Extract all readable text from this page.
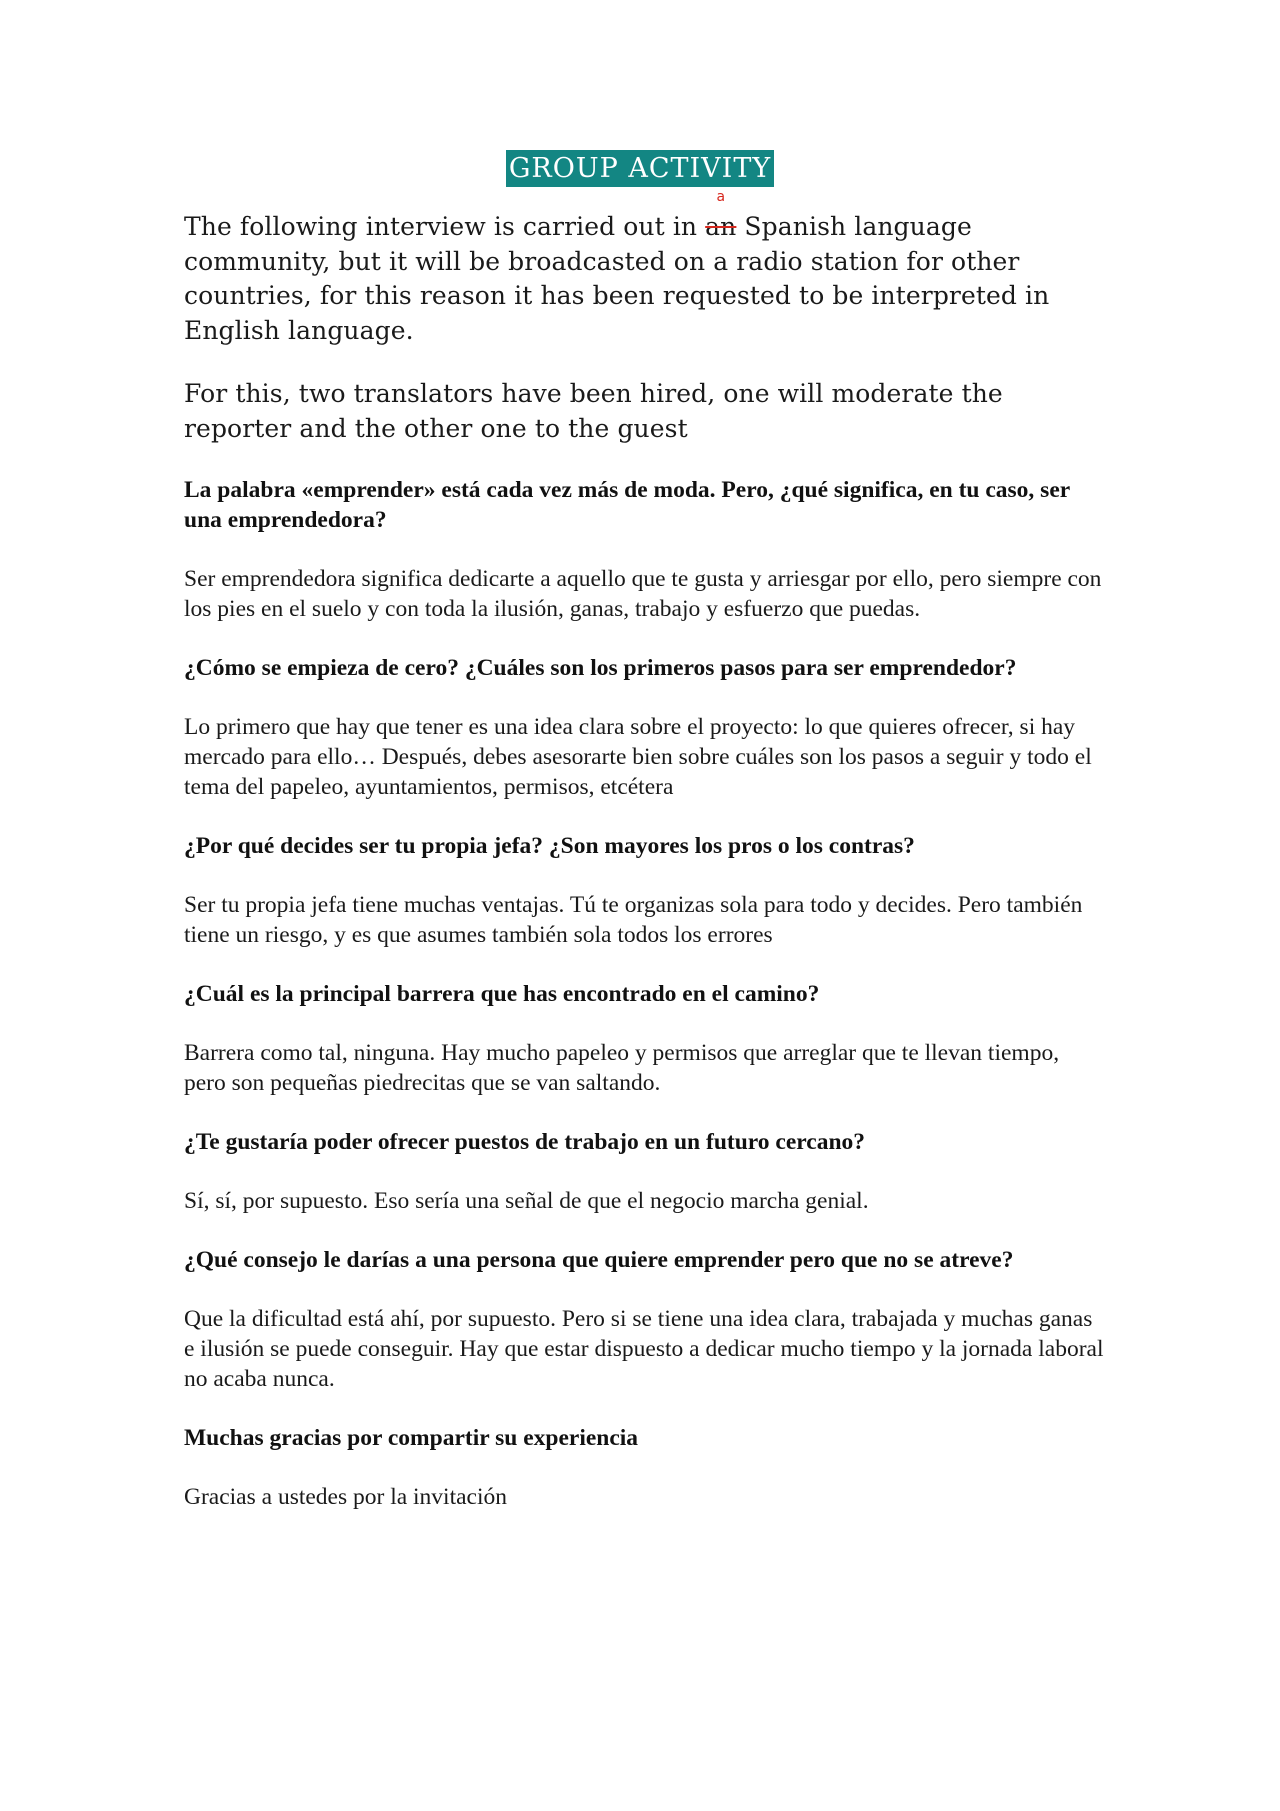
GROUP ACTIVITY

The following interview is carried out in
a
an Spanish language community, but it will be broadcasted on a radio station for other countries, for this reason it has been requested to be interpreted in English language.

For this, two translators have been hired, one will moderate the reporter and the other one to the guest

La palabra «emprender» está cada vez más de moda. Pero, ¿qué significa, en tu caso, ser una emprendedora?

Ser emprendedora significa dedicarte a aquello que te gusta y arriesgar por ello, pero siempre con los pies en el suelo y con toda la ilusión, ganas, trabajo y esfuerzo que puedas.

¿Cómo se empieza de cero? ¿Cuáles son los primeros pasos para ser emprendedor?

Lo primero que hay que tener es una idea clara sobre el proyecto: lo que quieres ofrecer, si hay mercado para ello… Después, debes asesorarte bien sobre cuáles son los pasos a seguir y todo el tema del papeleo, ayuntamientos, permisos, etcétera

¿Por qué decides ser tu propia jefa? ¿Son mayores los pros o los contras?

Ser tu propia jefa tiene muchas ventajas. Tú te organizas sola para todo y decides. Pero también tiene un riesgo, y es que asumes también sola todos los errores

¿Cuál es la principal barrera que has encontrado en el camino?

Barrera como tal, ninguna. Hay mucho papeleo y permisos que arreglar que te llevan tiempo, pero son pequeñas piedrecitas que se van saltando.

¿Te gustaría poder ofrecer puestos de trabajo en un futuro cercano?

Sí, sí, por supuesto. Eso sería una señal de que el negocio marcha genial.

¿Qué consejo le darías a una persona que quiere emprender pero que no se atreve?

Que la dificultad está ahí, por supuesto. Pero si se tiene una idea clara, trabajada y muchas ganas e ilusión se puede conseguir. Hay que estar dispuesto a dedicar mucho tiempo y la jornada laboral no acaba nunca.

Muchas gracias por compartir su experiencia

Gracias a ustedes por la invitación
